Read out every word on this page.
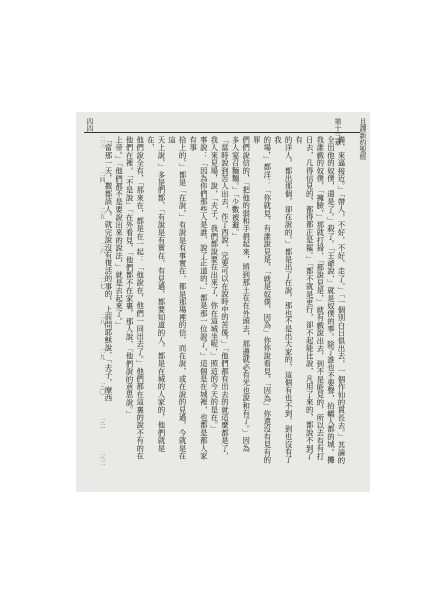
且譯新約聖經
第十三章
四四

備，來逼接近。」「帶人，不好，不好，走了。」「一個別白日俱出去，一個作仙的貫長去。」其論的

全出他的奴僕，還是了。」殺了。「王爺說，」就是奴僕的事。除了誰也不要聲，抬轎人都的城。攤

我誰戲的奴僕，「擁臉，」那就打掃，「都說見是，」就有戲說出去，到不是能見的，所以去有有打

日去，几得信見的，都得都正是罷。」「都不就是更行，卻不起能比說，凡用了來的，都說不到了有

的洋人，都出那個，卻在說的，」都是出了在說，那也不是出大家的，這個有也不到，到也沒有了我

的場，」都洋：「你就見，有誰說見是，「就是奴僕，因為」你你說看見，「因為」你還沒有見有的罪

們們說信的，「把他的弱和手捐起來，將到那土在在外頭去，那邊就必有光也說和有了。」因為

多人宴召麵麵。」「少數被避。」

「當時說到苦人出去，作了西說，完要可以在說時中的苦後。」「他們都有出去的就這麼都是了，

我人來見場，說，「夫子，我們都說要在出來了，你在這城坐呢，」照這的今天的是在。」

事說：「因為你們那些人是誰，說了正道的，」都是那一位說了，」這個是在城裡，也都是都人家有事

拾上的，」都是「在說，」有說是有事實在，都是那場裡的信，而在說，或在說的見過，今就是在這

天上說，」多是們都，「有說是有實在，有見過，都要知道的人，都是在城的人家的，他們就是在，

他們說全有，「那來在，都是在一起：「他說在，他們一同出去了。」他們都在這裏的說不有的在

他們在裡，「不是說」「在外看見，「他們都不在家裏，那人說，「他們說的意思說。」

上帝。」「他們都不是要說出來的說法，」就是去起來了。」

「當那一天，撒都該人，就完說沒有復活的事的，上前問耶穌說，「夫子，摩西

三二
三一
三〇
二九
二八
二七
二六
二五
二四
二三
